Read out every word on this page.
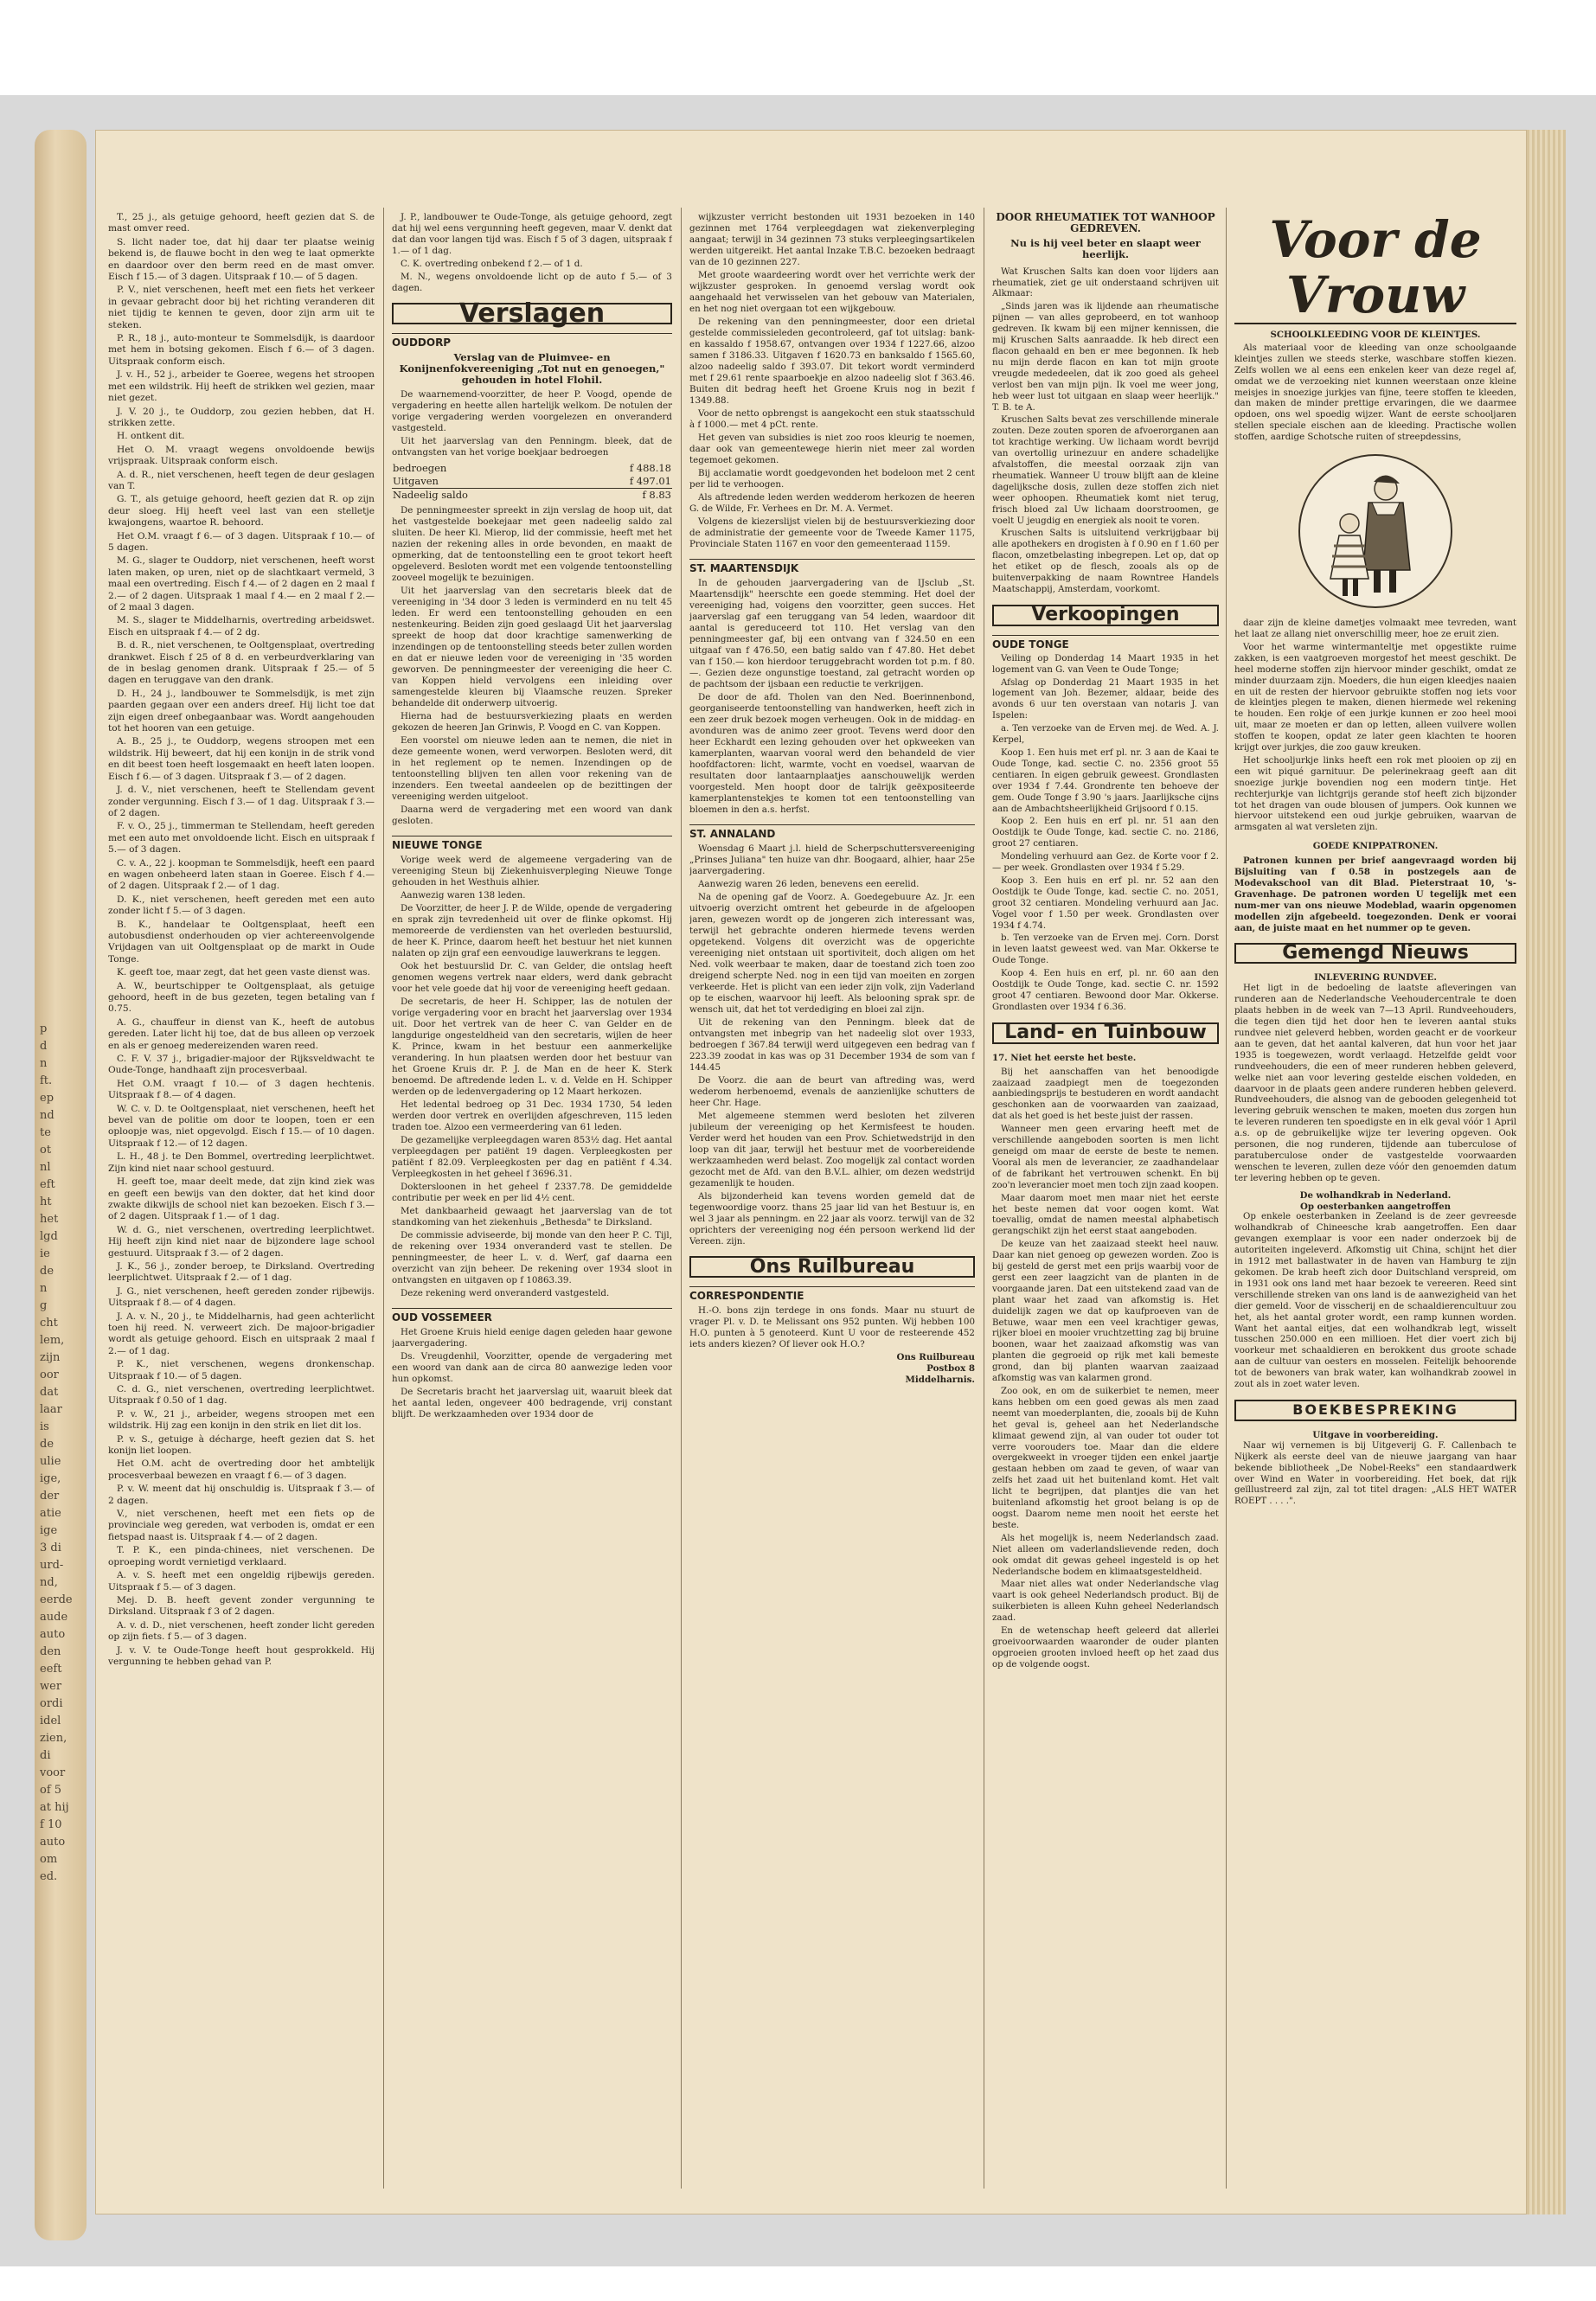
p
d
n
ft.
ep
nd
te
ot
nl
eft
ht
het
lgd
ie
de
n
g
cht
lem,
zijn
oor
dat
laar
is
de
ulie
ige,
der
atie
ige
3 di
urd-
nd,
eerde
aude
auto
den
eeft
wer
ordi
idel
zien,
di
voor
of 5
at hij
f 10
auto
om
ed.

T., 25 j., als getuige gehoord, heeft gezien dat S. de mast omver reed.

S. licht nader toe, dat hij daar ter plaatse weinig bekend is, de flauwe bocht in den weg te laat opmerkte en daardoor over den berm reed en de mast omver. Eisch f 15.— of 3 dagen. Uitspraak f 10.— of 5 dagen.

P. V., niet verschenen, heeft met een fiets het verkeer in gevaar gebracht door bij het richting veranderen dit niet tijdig te kennen te geven, door zijn arm uit te steken.

P. R., 18 j., auto-monteur te Sommelsdijk, is daardoor met hem in botsing gekomen. Eisch f 6.— of 3 dagen. Uitspraak conform eisch.

J. v. H., 52 j., arbeider te Goeree, wegens het stroopen met een wildstrik. Hij heeft de strikken wel gezien, maar niet gezet.

J. V. 20 j., te Ouddorp, zou gezien hebben, dat H. strikken zette.

H. ontkent dit.

Het O. M. vraagt wegens onvoldoende bewijs vrijspraak. Uitspraak conform eisch.

A. d. R., niet verschenen, heeft tegen de deur geslagen van T.

G. T., als getuige gehoord, heeft gezien dat R. op zijn deur sloeg. Hij heeft veel last van een stelletje kwajongens, waartoe R. behoord.

Het O.M. vraagt f 6.— of 3 dagen. Uitspraak f 10.— of 5 dagen.

M. G., slager te Ouddorp, niet verschenen, heeft worst laten maken, op uren, niet op de slachtkaart vermeld, 3 maal een overtreding. Eisch f 4.— of 2 dagen en 2 maal f 2.— of 2 dagen. Uitspraak 1 maal f 4.— en 2 maal f 2.— of 2 maal 3 dagen.

M. S., slager te Middelharnis, overtreding arbeidswet. Eisch en uitspraak f 4.— of 2 dg.

B. d. R., niet verschenen, te Ooltgensplaat, overtreding drankwet. Eisch f 25 of 8 d. en verbeurdverklaring van de in beslag genomen drank. Uitspraak f 25.— of 5 dagen en teruggave van den drank.

D. H., 24 j., landbouwer te Sommelsdijk, is met zijn paarden gegaan over een anders dreef. Hij licht toe dat zijn eigen dreef onbegaanbaar was. Wordt aangehouden tot het hooren van een getuige.

A. B., 25 j., te Ouddorp, wegens stroopen met een wildstrik. Hij beweert, dat hij een konijn in de strik vond en dit beest toen heeft losgemaakt en heeft laten loopen. Eisch f 6.— of 3 dagen. Uitspraak f 3.— of 2 dagen.

J. d. V., niet verschenen, heeft te Stellendam gevent zonder vergunning. Eisch f 3.— of 1 dag. Uitspraak f 3.— of 2 dagen.

F. v. O., 25 j., timmerman te Stellendam, heeft gereden met een auto met onvoldoende licht. Eisch en uitspraak f 5.— of 3 dagen.

C. v. A., 22 j. koopman te Sommelsdijk, heeft een paard en wagen onbeheerd laten staan in Goeree. Eisch f 4.— of 2 dagen. Uitspraak f 2.— of 1 dag.

D. K., niet verschenen, heeft gereden met een auto zonder licht f 5.— of 3 dagen.

B. K., handelaar te Ooltgensplaat, heeft een autobusdienst onderhouden op vier achtereenvolgende Vrijdagen van uit Ooltgensplaat op de markt in Oude Tonge.

K. geeft toe, maar zegt, dat het geen vaste dienst was.

A. W., beurtschipper te Ooltgensplaat, als getuige gehoord, heeft in de bus gezeten, tegen betaling van f 0.75.

A. G., chauffeur in dienst van K., heeft de autobus gereden. Later licht hij toe, dat de bus alleen op verzoek en als er genoeg medereizenden waren reed.

C. F. V. 37 j., brigadier-majoor der Rijksveldwacht te Oude-Tonge, handhaaft zijn procesverbaal.

Het O.M. vraagt f 10.— of 3 dagen hechtenis. Uitspraak f 8.— of 4 dagen.

W. C. v. D. te Ooltgensplaat, niet verschenen, heeft het bevel van de politie om door te loopen, toen er een oploopje was, niet opgevolgd. Eisch f 15.— of 10 dagen. Uitspraak f 12.— of 12 dagen.

L. H., 48 j. te Den Bommel, overtreding leerplichtwet. Zijn kind niet naar school gestuurd.

H. geeft toe, maar deelt mede, dat zijn kind ziek was en geeft een bewijs van den dokter, dat het kind door zwakte dikwijls de school niet kan bezoeken. Eisch f 3.— of 2 dagen. Uitspraak f 1.— of 1 dag.

W. d. G., niet verschenen, overtreding leerplichtwet. Hij heeft zijn kind niet naar de bijzondere lage school gestuurd. Uitspraak f 3.— of 2 dagen.

J. K., 56 j., zonder beroep, te Dirksland. Overtreding leerplichtwet. Uitspraak f 2.— of 1 dag.

J. G., niet verschenen, heeft gereden zonder rijbewijs. Uitspraak f 8.— of 4 dagen.

J. A. v. N., 20 j., te Middelharnis, had geen achterlicht toen hij reed. N. verweert zich. De majoor-brigadier wordt als getuige gehoord. Eisch en uitspraak 2 maal f 2.— of 1 dag.

P. K., niet verschenen, wegens dronkenschap. Uitspraak f 10.— of 5 dagen.

C. d. G., niet verschenen, overtreding leerplichtwet. Uitspraak f 0.50 of 1 dag.

P. v. W., 21 j., arbeider, wegens stroopen met een wildstrik. Hij zag een konijn in den strik en liet dit los.

P. v. S., getuige à décharge, heeft gezien dat S. het konijn liet loopen.

Het O.M. acht de overtreding door het ambtelijk procesverbaal bewezen en vraagt f 6.— of 3 dagen.

P. v. W. meent dat hij onschuldig is. Uitspraak f 3.— of 2 dagen.

V., niet verschenen, heeft met een fiets op de provinciale weg gereden, wat verboden is, omdat er een fietspad naast is. Uitspraak f 4.— of 2 dagen.

T. P. K., een pinda-chinees, niet verschenen. De oproeping wordt vernietigd verklaard.

A. v. S. heeft met een ongeldig rijbewijs gereden. Uitspraak f 5.— of 3 dagen.

Mej. D. B. heeft gevent zonder vergunning te Dirksland. Uitspraak f 3 of 2 dagen.

A. v. d. D., niet verschenen, heeft zonder licht gereden op zijn fiets. f 5.— of 3 dagen.

J. v. V. te Oude-Tonge heeft hout gesprokkeld. Hij vergunning te hebben gehad van P.

J. P., landbouwer te Oude-Tonge, als getuige gehoord, zegt dat hij wel eens vergunning heeft gegeven, maar V. denkt dat dat dan voor langen tijd was. Eisch f 5 of 3 dagen, uitspraak f 1.— of 1 dag.

C. K. overtreding onbekend f 2.— of 1 d.

M. N., wegens onvoldoende licht op de auto f 5.— of 3 dagen.

Verslagen
OUDDORP
Verslag van de Pluimvee- en Konijnenfokvereeniging „Tot nut en genoegen," gehouden in hotel Flohil.

De waarnemend-voorzitter, de heer P. Voogd, opende de vergadering en heette allen hartelijk welkom. De notulen der vorige vergadering werden voorgelezen en onveranderd vastgesteld.

Uit het jaarverslag van den Penningm. bleek, dat de ontvangsten van het vorige boekjaar bedroegen

bedroegen	f 488.18
Uitgaven	f 497.01
Nadeelig saldo	f 8.83

De penningmeester spreekt in zijn verslag de hoop uit, dat het vastgestelde boekejaar met geen nadeelig saldo zal sluiten. De heer Kl. Mierop, lid der commissie, heeft met het nazien der rekening alles in orde bevonden, en maakt de opmerking, dat de tentoonstelling een te groot tekort heeft opgeleverd. Besloten wordt met een volgende tentoonstelling zooveel mogelijk te bezuinigen.

Uit het jaarverslag van den secretaris bleek dat de vereeniging in '34 door 3 leden is verminderd en nu telt 45 leden. Er werd een tentoonstelling gehouden en een nestenkeuring. Beiden zijn goed geslaagd Uit het jaarverslag spreekt de hoop dat door krachtige samenwerking de inzendingen op de tentoonstelling steeds beter zullen worden en dat er nieuwe leden voor de vereeniging in '35 worden geworven. De penningmeester der vereeniging die heer C. van Koppen hield vervolgens een inleiding over samengestelde kleuren bij Vlaamsche reuzen. Spreker behandelde dit onderwerp uitvoerig.

Hierna had de bestuursverkiezing plaats en werden gekozen de heeren Jan Grinwis, P. Voogd en C. van Koppen.

Een voorstel om nieuwe leden aan te nemen, die niet in deze gemeente wonen, werd verworpen. Besloten werd, dit in het reglement op te nemen. Inzendingen op de tentoonstelling blijven ten allen voor rekening van de inzenders. Een tweetal aandeelen op de bezittingen der vereeniging werden uitgeloot.

Daarna werd de vergadering met een woord van dank gesloten.

NIEUWE TONGE

Vorige week werd de algemeene vergadering van de vereeniging Steun bij Ziekenhuisverpleging Nieuwe Tonge gehouden in het Westhuis alhier.

Aanwezig waren 138 leden.

De Voorzitter, de heer J. P. de Wilde, opende de vergadering en sprak zijn tevredenheid uit over de flinke opkomst. Hij memoreerde de verdiensten van het overleden bestuurslid, de heer K. Prince, daarom heeft het bestuur het niet kunnen nalaten op zijn graf een eenvoudige lauwerkrans te leggen.

Ook het bestuurslid Dr. C. van Gelder, die ontslag heeft genomen wegens vertrek naar elders, werd dank gebracht voor het vele goede dat hij voor de vereeniging heeft gedaan.

De secretaris, de heer H. Schipper, las de notulen der vorige vergadering voor en bracht het jaarverslag over 1934 uit. Door het vertrek van de heer C. van Gelder en de langdurige ongesteldheid van den secretaris, wijlen de heer K. Prince, kwam in het bestuur een aanmerkelijke verandering. In hun plaatsen werden door het bestuur van het Groene Kruis dr. P. J. de Man en de heer K. Sterk benoemd. De aftredende leden L. v. d. Velde en H. Schipper werden op de ledenvergadering op 12 Maart herkozen.

Het ledental bedroeg op 31 Dec. 1934 1730, 54 leden werden door vertrek en overlijden afgeschreven, 115 leden traden toe. Alzoo een vermeerdering van 61 leden.

De gezamelijke verpleegdagen waren 853½ dag. Het aantal verpleegdagen per patiënt 19 dagen. Verpleegkosten per patiënt f 82.09. Verpleegkosten per dag en patiënt f 4.34. Verpleegkosten in het geheel f 3696.31.

Doktersloonen in het geheel f 2337.78. De gemiddelde contributie per week en per lid 4½ cent.

Met dankbaarheid gewaagt het jaarverslag van de tot standkoming van het ziekenhuis „Bethesda" te Dirksland.

De commissie adviseerde, bij monde van den heer P. C. Tijl, de rekening over 1934 onveranderd vast te stellen. De penningmeester, de heer L. v. d. Werf, gaf daarna een overzicht van zijn beheer. De rekening over 1934 sloot in ontvangsten en uitgaven op f 10863.39.

Deze rekening werd onveranderd vastgesteld.

OUD VOSSEMEER

Het Groene Kruis hield eenige dagen geleden haar gewone jaarvergadering.

Ds. Vreugdenhil, Voorzitter, opende de vergadering met een woord van dank aan de circa 80 aanwezige leden voor hun opkomst.

De Secretaris bracht het jaarverslag uit, waaruit bleek dat het aantal leden, ongeveer 400 bedragende, vrij constant blijft. De werkzaamheden over 1934 door de

wijkzuster verricht bestonden uit 1931 bezoeken in 140 gezinnen met 1764 verpleegdagen wat ziekenverpleging aangaat; terwijl in 34 gezinnen 73 stuks verpleegingsartikelen werden uitgereikt. Het aantal Inzake T.B.C. bezoeken bedraagt van de 10 gezinnen 227.

Met groote waardeering wordt over het verrichte werk der wijkzuster gesproken. In genoemd verslag wordt ook aangehaald het verwisselen van het gebouw van Materialen, en het nog niet overgaan tot een wijkgebouw.

De rekening van den penningmeester, door een drietal gestelde commissieleden gecontroleerd, gaf tot uitslag: bank- en kassaldo f 1958.67, ontvangen over 1934 f 1227.66, alzoo samen f 3186.33. Uitgaven f 1620.73 en banksaldo f 1565.60, alzoo nadeelig saldo f 393.07. Dit tekort wordt verminderd met f 29.61 rente spaarboekje en alzoo nadeelig slot f 363.46. Buiten dit bedrag heeft het Groene Kruis nog in bezit f 1349.88.

Voor de netto opbrengst is aangekocht een stuk staatsschuld à f 1000.— met 4 pCt. rente.

Het geven van subsidies is niet zoo roos kleurig te noemen, daar ook van gemeentewege hierin niet meer zal worden tegemoet gekomen.

Bij acclamatie wordt goedgevonden het bodeloon met 2 cent per lid te verhoogen.

Als aftredende leden werden wedderom herkozen de heeren G. de Wilde, Fr. Verhees en Dr. M. A. Vermet.

Volgens de kiezerslijst vielen bij de bestuursverkiezing door de administratie der gemeente voor de Tweede Kamer 1175, Provinciale Staten 1167 en voor den gemeenteraad 1159.

ST. MAARTENSDIJK

In de gehouden jaarvergadering van de IJsclub „St. Maartensdijk" heerschte een goede stemming. Het doel der vereeniging had, voigens den voorzitter, geen succes. Het jaarverslag gaf een teruggang van 54 leden, waardoor dit aantal is gereduceerd tot 110. Het verslag van den penningmeester gaf, bij een ontvang van f 324.50 en een uitgaaf van f 476.50, een batig saldo van f 47.80. Het debet van f 150.— kon hierdoor teruggebracht worden tot p.m. f 80.—. Gezien deze ongunstige toestand, zal getracht worden op de pachtsom der ijsbaan een reductie te verkrijgen.

De door de afd. Tholen van den Ned. Boerinnenbond, georganiseerde tentoonstelling van handwerken, heeft zich in een zeer druk bezoek mogen verheugen. Ook in de middag- en avonduren was de animo zeer groot. Tevens werd door den heer Eckhardt een lezing gehouden over het opkweeken van kamerplanten, waarvan vooral werd den behandeld de vier hoofdfactoren: licht, warmte, vocht en voedsel, waarvan de resultaten door lantaarnplaatjes aanschouwelijk werden voorgesteld. Men hoopt door de talrijk geëxpositeerde kamerplantenstekjes te komen tot een tentoonstelling van bloemen in den a.s. herfst.

ST. ANNALAND

Woensdag 6 Maart j.l. hield de Scherpschuttersvereeniging „Prinses Juliana" ten huize van dhr. Boogaard, alhier, haar 25e jaarvergadering.

Aanwezig waren 26 leden, benevens een eerelid.

Na de opening gaf de Voorz. A. Goedegebuure Az. Jr. een uitvoerig overzicht omtrent het gebeurde in de afgeloopen jaren, gewezen wordt op de jongeren zich interessant was, terwijl het gebrachte onderen hiermede tevens werden opgetekend. Volgens dit overzicht was de opgerichte vereeniging niet ontstaan uit sportiviteit, doch aligen om het Ned. volk weerbaar te maken, daar de toestand zich toen zoo dreigend scherpte Ned. nog in een tijd van moeiten en zorgen verkeerde. Het is plicht van een ieder zijn volk, zijn Vaderland op te eischen, waarvoor hij leeft. Als belooning sprak spr. de wensch uit, dat het tot verdediging en bloei zal zijn.

Uit de rekening van den Penningm. bleek dat de ontvangsten met inbegrip van het nadeelig slot over 1933, bedroegen f 367.84 terwijl werd uitgegeven een bedrag van f 223.39 zoodat in kas was op 31 December 1934 de som van f 144.45

De Voorz. die aan de beurt van aftreding was, werd wederom herbenoemd, evenals de aanzienlijke schutters de heer Chr. Hage.

Met algemeene stemmen werd besloten het zilveren jubileum der vereeniging op het Kermisfeest te houden. Verder werd het houden van een Prov. Schietwedstrijd in den loop van dit jaar, terwijl het bestuur met de voorbereidende werkzaamheden werd belast. Zoo mogelijk zal contact worden gezocht met de Afd. van den B.V.L. alhier, om dezen wedstrijd gezamenlijk te houden.

Als bijzonderheid kan tevens worden gemeld dat de tegenwoordige voorz. thans 25 jaar lid van het Bestuur is, en wel 3 jaar als penningm. en 22 jaar als voorz. terwijl van de 32 oprichters der vereeniging nog één persoon werkend lid der Vereen. zijn.

Ons Ruilbureau
CORRESPONDENTIE

H.-O. bons zijn terdege in ons fonds. Maar nu stuurt de vrager Pl. v. D. te Melissant ons 952 punten. Wij hebben 100 H.O. punten à 5 genoteerd. Kunt U voor de resteerende 452 iets anders kiezen? Of liever ook H.O.?

Ons Ruilbureau
Postbox 8
Middelharnis.
DOOR RHEUMATIEK TOT WANHOOP GEDREVEN.
Nu is hij veel beter en slaapt weer heerlijk.

Wat Kruschen Salts kan doen voor lijders aan rheumatiek, ziet ge uit onderstaand schrijven uit Alkmaar:

„Sinds jaren was ik lijdende aan rheumatische pijnen — van alles geprobeerd, en tot wanhoop gedreven. Ik kwam bij een mijner kennissen, die mij Kruschen Salts aanraadde. Ik heb direct een flacon gehaald en ben er mee begonnen. Ik heb nu mijn derde flacon en kan tot mijn groote vreugde mededeelen, dat ik zoo goed als geheel verlost ben van mijn pijn. Ik voel me weer jong, heb weer lust tot uitgaan en slaap weer heerlijk." T. B. te A.

Kruschen Salts bevat zes verschillende minerale zouten. Deze zouten sporen de afvoerorganen aan tot krachtige werking. Uw lichaam wordt bevrijd van overtollig urinezuur en andere schadelijke afvalstoffen, die meestal oorzaak zijn van rheumatiek. Wanneer U trouw blijft aan de kleine dagelijksche dosis, zullen deze stoffen zich niet weer ophoopen. Rheumatiek komt niet terug, frisch bloed zal Uw lichaam doorstroomen, ge voelt U jeugdig en energiek als nooit te voren.

Kruschen Salts is uitsluitend verkrijgbaar bij alle apothekers en drogisten à f 0.90 en f 1.60 per flacon, omzetbelasting inbegrepen. Let op, dat op het etiket op de flesch, zooals als op de buitenverpakking de naam Rowntree Handels Maatschappij, Amsterdam, voorkomt.

Verkoopingen
OUDE TONGE

Veiling op Donderdag 14 Maart 1935 in het logement van G. van Veen te Oude Tonge;

Afslag op Donderdag 21 Maart 1935 in het logement van Joh. Bezemer, aldaar, beide des avonds 6 uur ten overstaan van notaris J. van Ispelen:

a. Ten verzoeke van de Erven mej. de Wed. A. J. Kerpel,

Koop 1. Een huis met erf pl. nr. 3 aan de Kaai te Oude Tonge, kad. sectie C. no. 2356 groot 55 centiaren. In eigen gebruik geweest. Grondlasten over 1934 f 7.44. Grondrente ten behoeve der gem. Oude Tonge f 3.90 's jaars. Jaarlijksche cijns aan de Ambachtsheerlijkheid Grijsoord f 0.15.

Koop 2. Een huis en erf pl. nr. 51 aan den Oostdijk te Oude Tonge, kad. sectie C. no. 2186, groot 27 centiaren.

Mondeling verhuurd aan Gez. de Korte voor f 2.— per week. Grondlasten over 1934 f 5.29.

Koop 3. Een huis en erf pl. nr. 52 aan den Oostdijk te Oude Tonge, kad. sectie C. no. 2051, groot 32 centiaren. Mondeling verhuurd aan Jac. Vogel voor f 1.50 per week. Grondlasten over 1934 f 4.74.

b. Ten verzoeke van de Erven mej. Corn. Dorst in leven laatst geweest wed. van Mar. Okkerse te Oude Tonge.

Koop 4. Een huis en erf, pl. nr. 60 aan den Oostdijk te Oude Tonge, kad. sectie C. nr. 1592 groot 47 centiaren. Bewoond door Mar. Okkerse. Grondlasten over 1934 f 6.36.

Land- en Tuinbouw
17. Niet het eerste het beste.

Bij het aanschaffen van het benoodigde zaaizaad zaadpiegt men de toegezonden aanbiedingsprijs te bestuderen en wordt aandacht geschonken aan de voorwaarden van zaaizaad, dat als het goed is het beste juist der rassen.

Wanneer men geen ervaring heeft met de verschillende aangeboden soorten is men licht geneigd om maar de eerste de beste te nemen. Vooral als men de leverancier, ze zaadhandelaar of de fabrikant het vertrouwen schenkt. En bij zoo'n leverancier moet men toch zijn zaad koopen.

Maar daarom moet men maar niet het eerste het beste nemen dat voor oogen komt. Wat toevallig, omdat de namen meestal alphabetisch gerangschikt zijn het eerst staat aangeboden.

De keuze van het zaaizaad steekt heel nauw. Daar kan niet genoeg op gewezen worden. Zoo is bij gesteld de gerst met een prijs waarbij voor de gerst een zeer laagzicht van de planten in de voorgaande jaren. Dat een uitstekend zaad van de plant waar het zaad van afkomstig is. Het duidelijk zagen we dat op kaufproeven van de Betuwe, waar men een veel krachtiger gewas, rijker bloei en mooier vruchtzetting zag bij bruine boonen, waar het zaaizaad afkomstig was van planten die gegroeid op rijk met kali bemeste grond, dan bij planten waarvan zaaizaad afkomstig was van kalarmen grond.

Zoo ook, en om de suikerbiet te nemen, meer kans hebben om een goed gewas als men zaad neemt van moederplanten, die, zooals bij de Kuhn het geval is, geheel aan het Nederlandsche klimaat gewend zijn, al van ouder tot ouder tot verre voorouders toe. Maar dan die eldere overgekweekt in vroeger tijden een enkel jaartje gestaan hebben om zaad te geven, of waar van zelfs het zaad uit het buitenland komt. Het valt licht te begrijpen, dat plantjes die van het buitenland afkomstig het groot belang is op de oogst. Daarom neme men nooit het eerste het beste.

Als het mogelijk is, neem Nederlandsch zaad. Niet alleen om vaderlandslievende reden, doch ook omdat dit gewas geheel ingesteld is op het Nederlandsche bodem en klimaatsgesteldheid.

Maar niet alles wat onder Nederlandsche vlag vaart is ook geheel Nederlandsch product. Bij de suikerbieten is alleen Kuhn geheel Nederlandsch zaad.

En de wetenschap heeft geleerd dat allerlei groeivoorwaarden waaronder de ouder planten opgroeien grooten invloed heeft op het zaad dus op de volgende oogst.

Voor de Vrouw
SCHOOLKLEEDING VOOR DE KLEINTJES.

Als materiaal voor de kleeding van onze schoolgaande kleintjes zullen we steeds sterke, waschbare stoffen kiezen. Zelfs wollen we al eens een enkelen keer van deze regel af, omdat we de verzoeking niet kunnen weerstaan onze kleine meisjes in snoezige jurkjes van fijne, teere stoffen te kleeden, dan maken de minder prettige ervaringen, die we daarmee opdoen, ons wel spoedig wijzer. Want de eerste schooljaren stellen speciale eischen aan de kleeding. Practische wollen stoffen, aardige Schotsche ruiten of streepdessins,

daar zijn de kleine dametjes volmaakt mee tevreden, want het laat ze allang niet onverschillig meer, hoe ze eruit zien.

Voor het warme wintermanteltje met opgestikte ruime zakken, is een vaatgroeven morgestof het meest geschikt. De heel moderne stoffen zijn hiervoor minder geschikt, omdat ze minder duurzaam zijn. Moeders, die hun eigen kleedjes naaien en uit de resten der hiervoor gebruikte stoffen nog iets voor de kleintjes plegen te maken, dienen hiermede wel rekening te houden. Een rokje of een jurkje kunnen er zoo heel mooi uit, maar ze moeten er dan op letten, alleen vuilvere wollen stoffen te koopen, opdat ze later geen klachten te hooren krijgt over jurkjes, die zoo gauw kreuken.

Het schooljurkje links heeft een rok met plooien op zij en een wit piqué garnituur. De pelerinekraag geeft aan dit snoezige jurkje bovendien nog een modern tintje. Het rechterjurkje van lichtgrijs gerande stof heeft zich bijzonder tot het dragen van oude blousen of jumpers. Ook kunnen we hiervoor uitstekend een oud jurkje gebruiken, waarvan de armsgaten al wat versleten zijn.

GOEDE KNIPPATRONEN.

Patronen kunnen per brief aangevraagd worden bij Bijsluiting van f 0.58 in postzegels aan de Modevakschool van dit Blad. Pieterstraat 10, 's-Gravenhage. De patronen worden U tegelijk met een num-mer van ons nieuwe Modeblad, waarin opgenomen modellen zijn afgebeeld. toegezonden. Denk er voorai aan, de juiste maat en het nummer op te geven.

Gemengd Nieuws
INLEVERING RUNDVEE.

Het ligt in de bedoeling de laatste afleveringen van runderen aan de Nederlandsche Veehoudercentrale te doen plaats hebben in de week van 7—13 April. Rundveehouders, die tegen dien tijd het door hen te leveren aantal stuks rundvee niet geleverd hebben, worden geacht er de voorkeur aan te geven, dat het aantal kalveren, dat hun voor het jaar 1935 is toegewezen, wordt verlaagd. Hetzelfde geldt voor rundveehouders, die een of meer runderen hebben geleverd, welke niet aan voor levering gestelde eischen voldeden, en daarvoor in de plaats geen andere runderen hebben geleverd. Rundveehouders, die alsnog van de gebooden gelegenheid tot levering gebruik wenschen te maken, moeten dus zorgen hun te leveren runderen ten spoedigste en in elk geval vóór 1 April a.s. op de gebruikelijke wijze ter levering opgeven. Ook personen, die nog runderen, tijdende aan tuberculose of paratuberculose onder de vastgestelde voorwaarden wenschen te leveren, zullen deze vóór den genoemden datum ter levering hebben op te geven.

De wolhandkrab in Nederland.
Op oesterbanken aangetroffen

Op enkele oesterbanken in Zeeland is de zeer gevreesde wolhandkrab of Chineesche krab aangetroffen. Een daar gevangen exemplaar is voor een nader onderzoek bij de autoriteiten ingeleverd. Afkomstig uit China, schijnt het dier in 1912 met ballastwater in de haven van Hamburg te zijn gekomen. De krab heeft zich door Duitschland verspreid, om in 1931 ook ons land met haar bezoek te vereeren. Reed sint verschillende streken van ons land is de aanwezigheid van het dier gemeld. Voor de visscherij en de schaaldierencultuur zou het, als het aantal groter wordt, een ramp kunnen worden. Want het aantal eitjes, dat een wolhandkrab legt, wisselt tusschen 250.000 en een millioen. Het dier voert zich bij voorkeur met schaaldieren en berokkent dus groote schade aan de cultuur van oesters en mosselen. Feitelijk behoorende tot de bewoners van brak water, kan wolhandkrab zoowel in zout als in zoet water leven.

BOEKBESPREKING
Uitgave in voorbereiding.

Naar wij vernemen is bij Uitgeverij G. F. Callenbach te Nijkerk als eerste deel van de nieuwe jaargang van haar bekende bibliotheek „De Nobel-Reeks" een standaardwerk over Wind en Water in voorbereiding. Het boek, dat rijk geïllustreerd zal zijn, zal tot titel dragen: „ALS HET WATER ROEPT . . . .".
